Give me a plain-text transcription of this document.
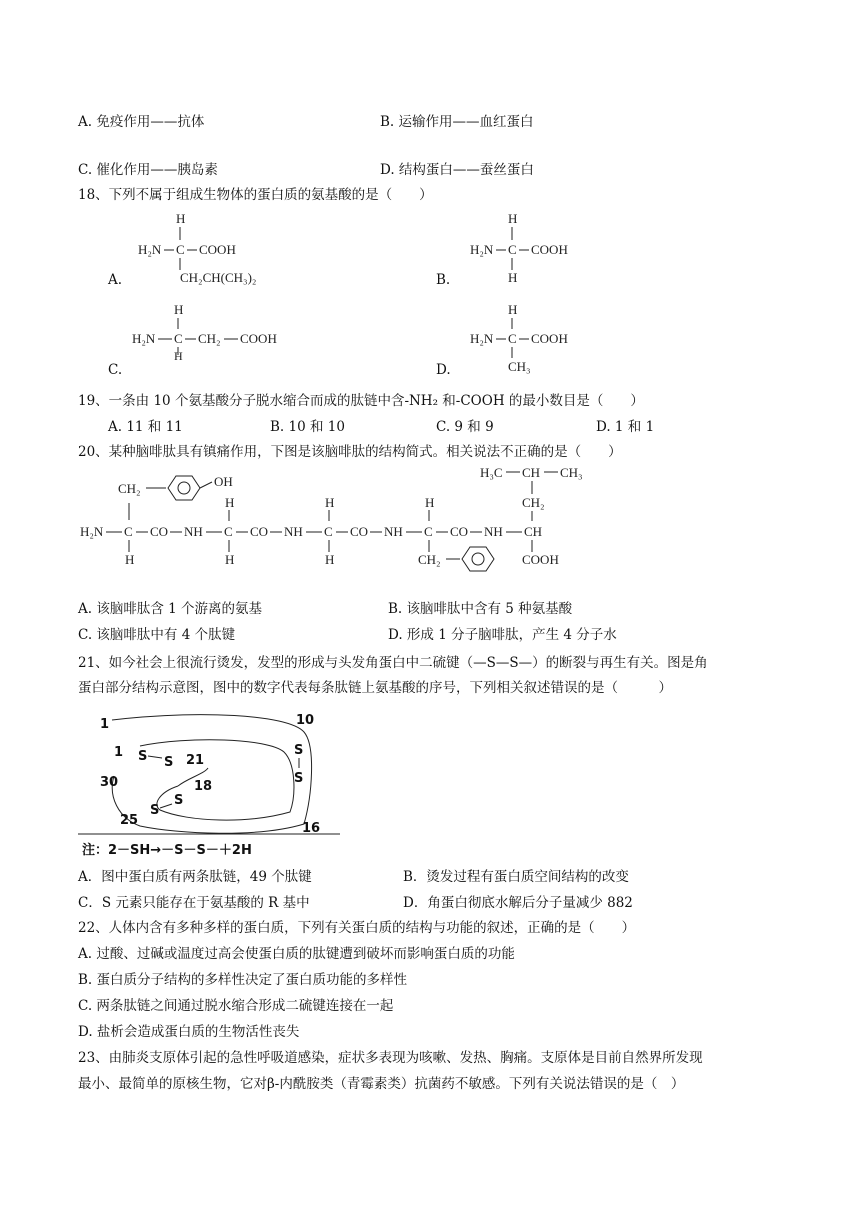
A. 免疫作用——抗体	B. 运输作用——血红蛋白
C. 催化作用——胰岛素	D. 结构蛋白——蚕丝蛋白
18、下列不属于组成生物体的蛋白质的氨基酸的是（　　）
H
H₂N C COOH
CH₂CH(CH₃)₂
A.
H
H₂N C COOH
H
B.
H
H₂N C CH₂ COOH
H
C.
H
H₂N C COOH
CH₃
D.
19、一条由 10 个氨基酸分子脱水缩合而成的肽链中含-NH₂ 和-COOH 的最小数目是（　　）
A. 11 和 11	B. 10 和 10	C. 9 和 9	D. 1 和 1
20、某种脑啡肽具有镇痛作用，下图是该脑啡肽的结构简式。相关说法不正确的是（　　）
H₂N C CO NH C CO NH C CO NH C CO NH CH
CH₂	OH
H
H
H
H
H
H
CH₂
H₃C CH CH₃
CH₂
COOH
A. 该脑啡肽含 1 个游离的氨基	B. 该脑啡肽中含有 5 种氨基酸
C. 该脑啡肽中有 4 个肽键	D. 形成 1 分子脑啡肽，产生 4 分子水
21、如今社会上很流行烫发，发型的形成与头发角蛋白中二硫键（—S—S—）的断裂与再生有关。图是角
蛋白部分结构示意图，图中的数字代表每条肽链上氨基酸的序号，下列相关叙述错误的是（　　　）
1	10
1
21
30	18
25
16
S S
S
S
S
S
注：2－SH→－S－S－＋2H
A．图中蛋白质有两条肽链，49 个肽键	B．烫发过程有蛋白质空间结构的改变
C．S 元素只能存在于氨基酸的 R 基中	D．角蛋白彻底水解后分子量减少 882
22、人体内含有多种多样的蛋白质，下列有关蛋白质的结构与功能的叙述，正确的是（　　）
A. 过酸、过碱或温度过高会使蛋白质的肽键遭到破坏而影响蛋白质的功能
B. 蛋白质分子结构的多样性决定了蛋白质功能的多样性
C. 两条肽链之间通过脱水缩合形成二硫键连接在一起
D. 盐析会造成蛋白质的生物活性丧失
23、由肺炎支原体引起的急性呼吸道感染，症状多表现为咳嗽、发热、胸痛。支原体是目前自然界所发现
最小、最简单的原核生物，它对β-内酰胺类（青霉素类）抗菌药不敏感。下列有关说法错误的是（　）
